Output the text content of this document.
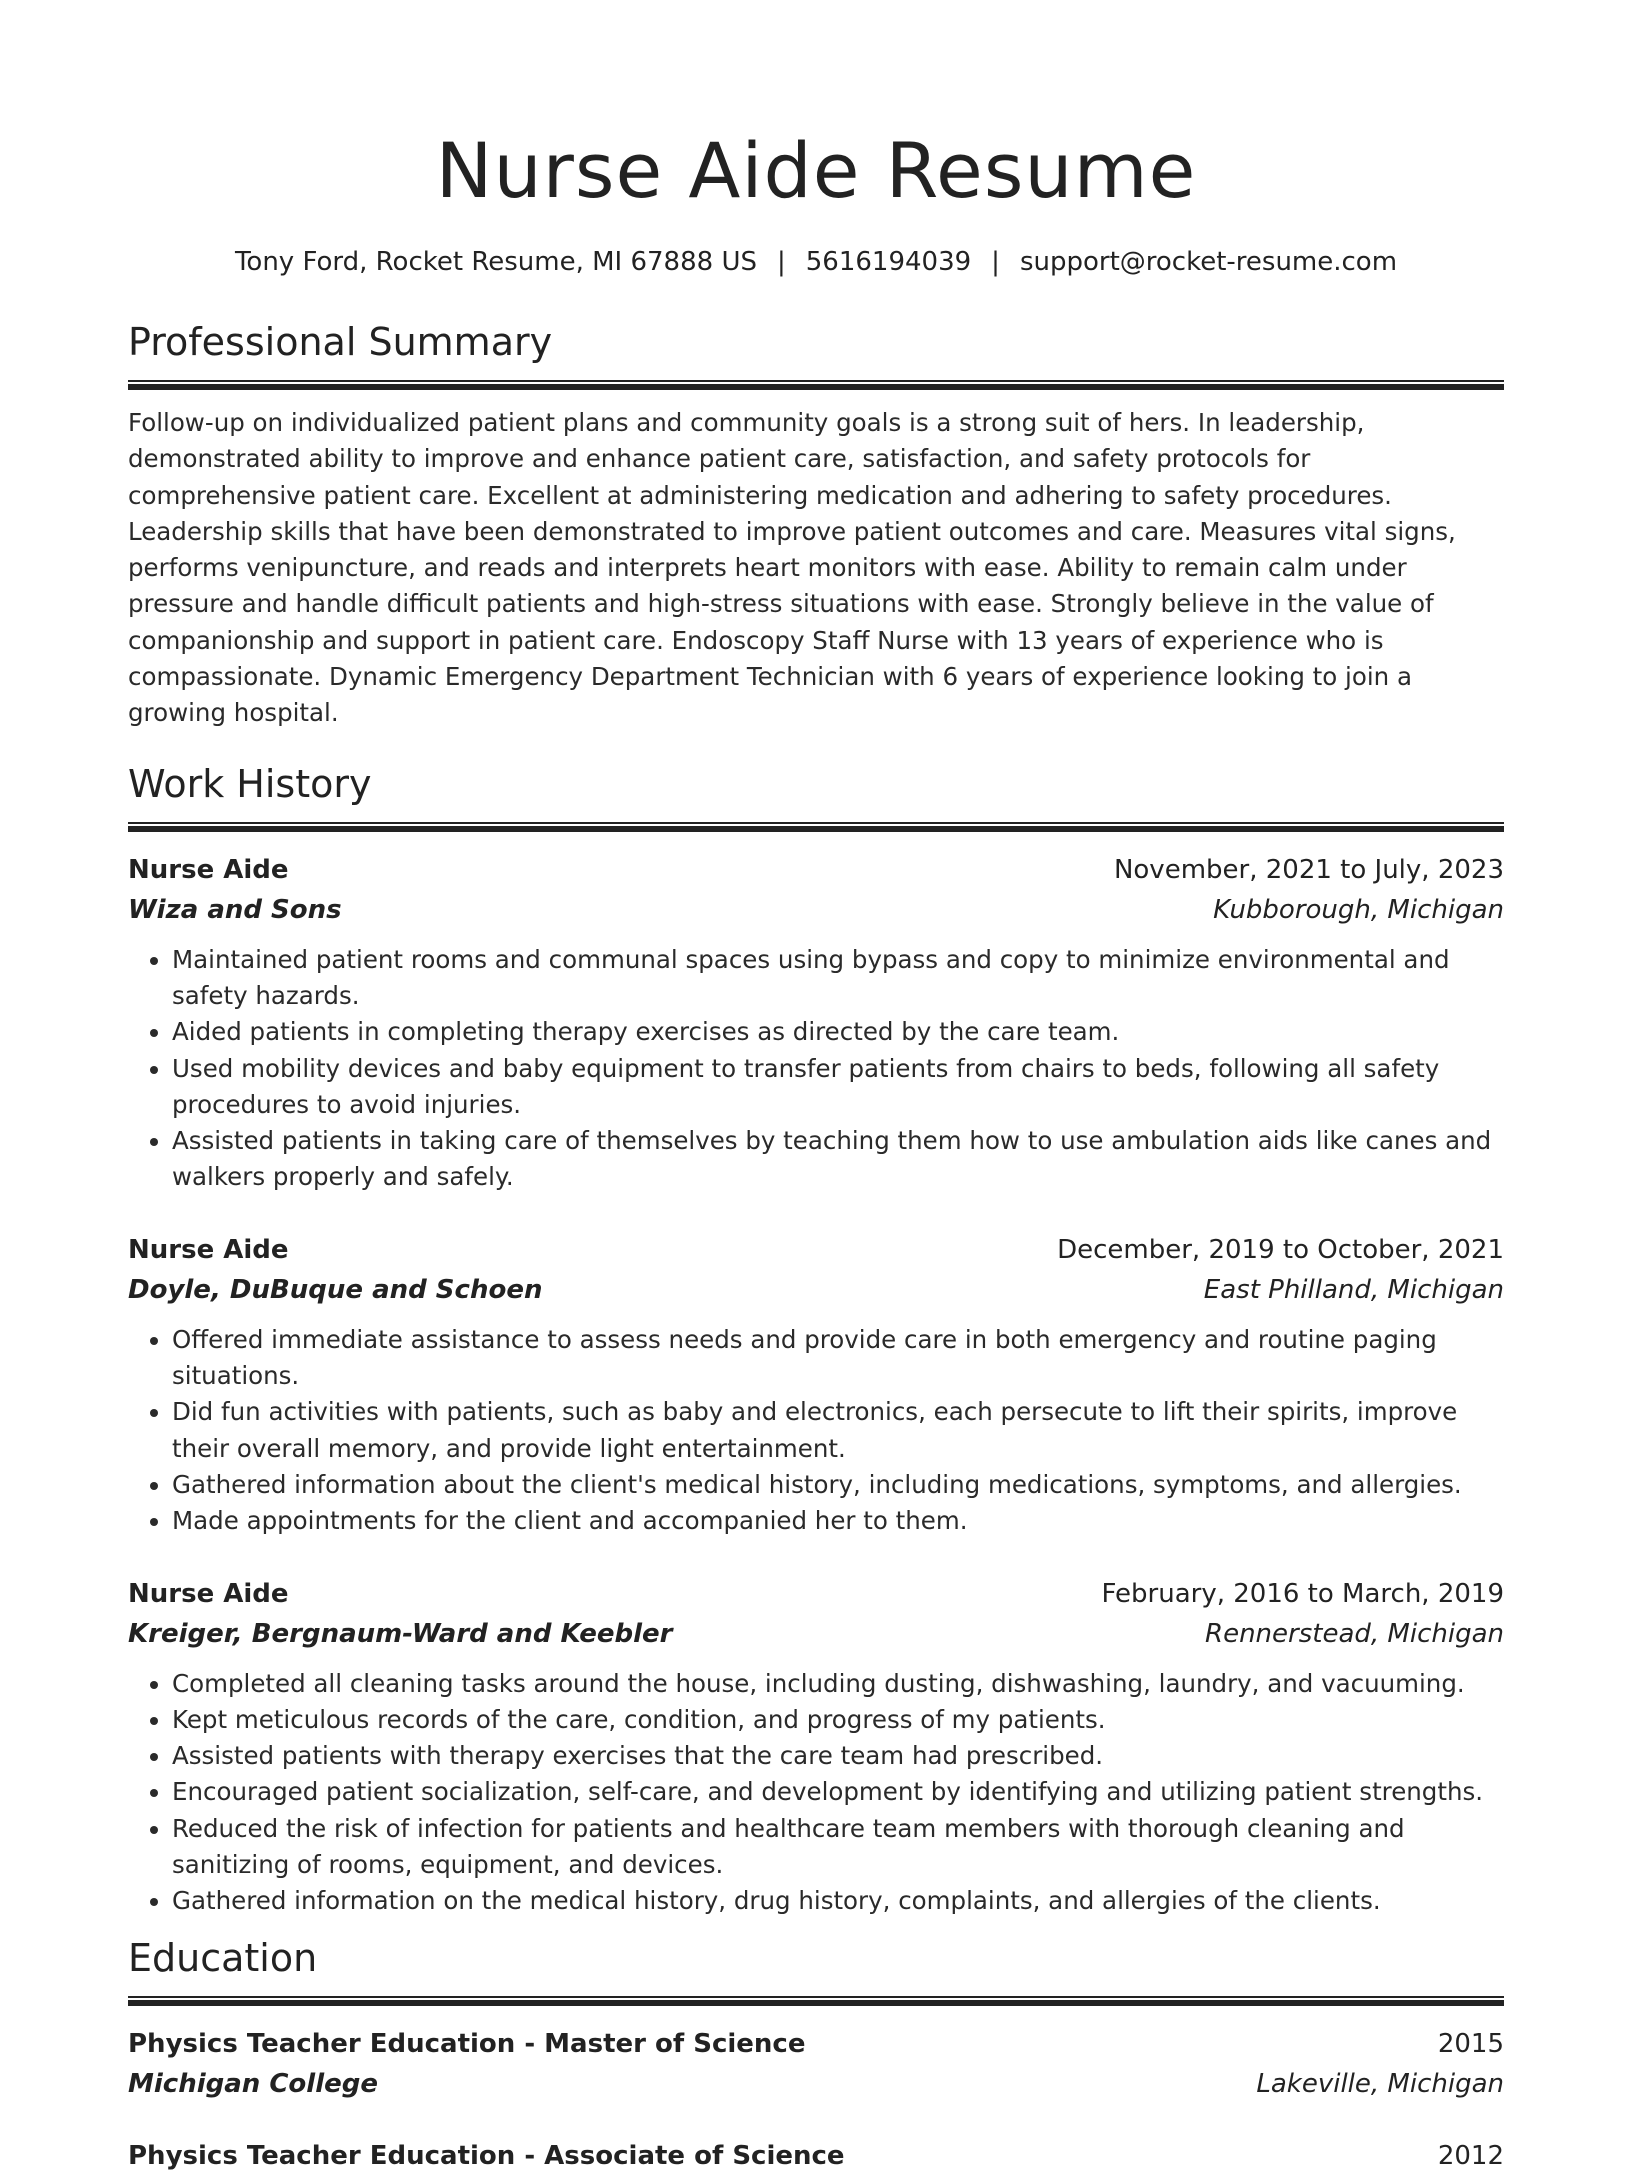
Nurse Aide Resume
Tony Ford, Rocket Resume, MI 67888 US | 5616194039 | support@rocket-resume.com
Professional Summary

Follow-up on individualized patient plans and community goals is a strong suit of hers. In leadership, demonstrated ability to improve and enhance patient care, satisfaction, and safety protocols for comprehensive patient care. Excellent at administering medication and adhering to safety procedures. Leadership skills that have been demonstrated to improve patient outcomes and care. Measures vital signs, performs venipuncture, and reads and interprets heart monitors with ease. Ability to remain calm under pressure and handle difficult patients and high-stress situations with ease. Strongly believe in the value of companionship and support in patient care. Endoscopy Staff Nurse with 13 years of experience who is compassionate. Dynamic Emergency Department Technician with 6 years of experience looking to join a growing hospital.

Work History
Nurse Aide	November, 2021 to July, 2023
Wiza and Sons	Kubborough, Michigan
• Maintained patient rooms and communal spaces using bypass and copy to minimize environmental and safety hazards.
• Aided patients in completing therapy exercises as directed by the care team.
• Used mobility devices and baby equipment to transfer patients from chairs to beds, following all safety procedures to avoid injuries.
• Assisted patients in taking care of themselves by teaching them how to use ambulation aids like canes and walkers properly and safely.
Nurse Aide	December, 2019 to October, 2021
Doyle, DuBuque and Schoen	East Philland, Michigan
• Offered immediate assistance to assess needs and provide care in both emergency and routine paging situations.
• Did fun activities with patients, such as baby and electronics, each persecute to lift their spirits, improve their overall memory, and provide light entertainment.
• Gathered information about the client's medical history, including medications, symptoms, and allergies.
• Made appointments for the client and accompanied her to them.
Nurse Aide	February, 2016 to March, 2019
Kreiger, Bergnaum-Ward and Keebler	Rennerstead, Michigan
• Completed all cleaning tasks around the house, including dusting, dishwashing, laundry, and vacuuming.
• Kept meticulous records of the care, condition, and progress of my patients.
• Assisted patients with therapy exercises that the care team had prescribed.
• Encouraged patient socialization, self-care, and development by identifying and utilizing patient strengths.
• Reduced the risk of infection for patients and healthcare team members with thorough cleaning and sanitizing of rooms, equipment, and devices.
• Gathered information on the medical history, drug history, complaints, and allergies of the clients.
Education
Physics Teacher Education - Master of Science	2015
Michigan College	Lakeville, Michigan
Physics Teacher Education - Associate of Science	2012
